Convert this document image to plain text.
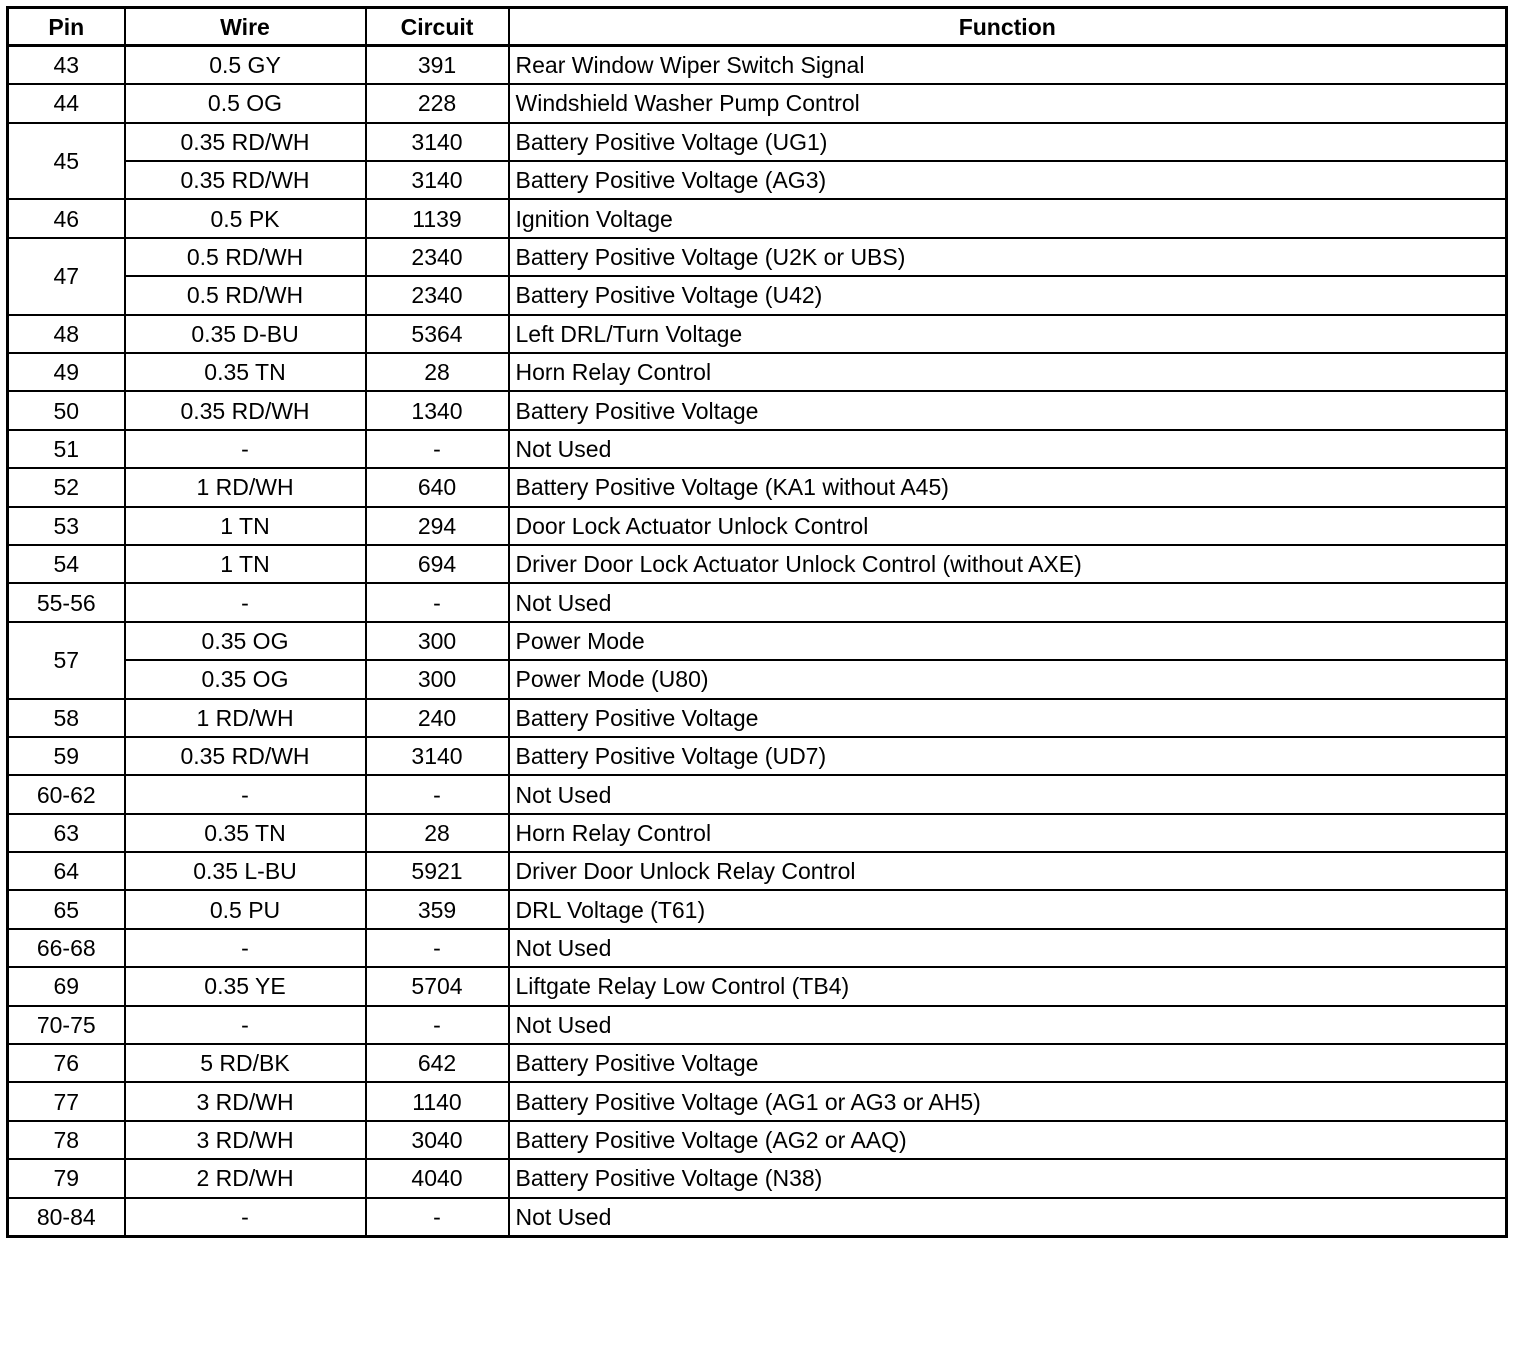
Pin	Wire	Circuit	Function
43	0.5 GY	391	Rear Window Wiper Switch Signal
44	0.5 OG	228	Windshield Washer Pump Control
45	0.35 RD/WH	3140	Battery Positive Voltage (UG1)
	0.35 RD/WH	3140	Battery Positive Voltage (AG3)
46	0.5 PK	1139	Ignition Voltage
47	0.5 RD/WH	2340	Battery Positive Voltage (U2K or UBS)
	0.5 RD/WH	2340	Battery Positive Voltage (U42)
48	0.35 D-BU	5364	Left DRL/Turn Voltage
49	0.35 TN	28	Horn Relay Control
50	0.35 RD/WH	1340	Battery Positive Voltage
51	-	-	Not Used
52	1 RD/WH	640	Battery Positive Voltage (KA1 without A45)
53	1 TN	294	Door Lock Actuator Unlock Control
54	1 TN	694	Driver Door Lock Actuator Unlock Control (without AXE)
55-56	-	-	Not Used
57	0.35 OG	300	Power Mode
	0.35 OG	300	Power Mode (U80)
58	1 RD/WH	240	Battery Positive Voltage
59	0.35 RD/WH	3140	Battery Positive Voltage (UD7)
60-62	-	-	Not Used
63	0.35 TN	28	Horn Relay Control
64	0.35 L-BU	5921	Driver Door Unlock Relay Control
65	0.5 PU	359	DRL Voltage (T61)
66-68	-	-	Not Used
69	0.35 YE	5704	Liftgate Relay Low Control (TB4)
70-75	-	-	Not Used
76	5 RD/BK	642	Battery Positive Voltage
77	3 RD/WH	1140	Battery Positive Voltage (AG1 or AG3 or AH5)
78	3 RD/WH	3040	Battery Positive Voltage (AG2 or AAQ)
79	2 RD/WH	4040	Battery Positive Voltage (N38)
80-84	-	-	Not Used
